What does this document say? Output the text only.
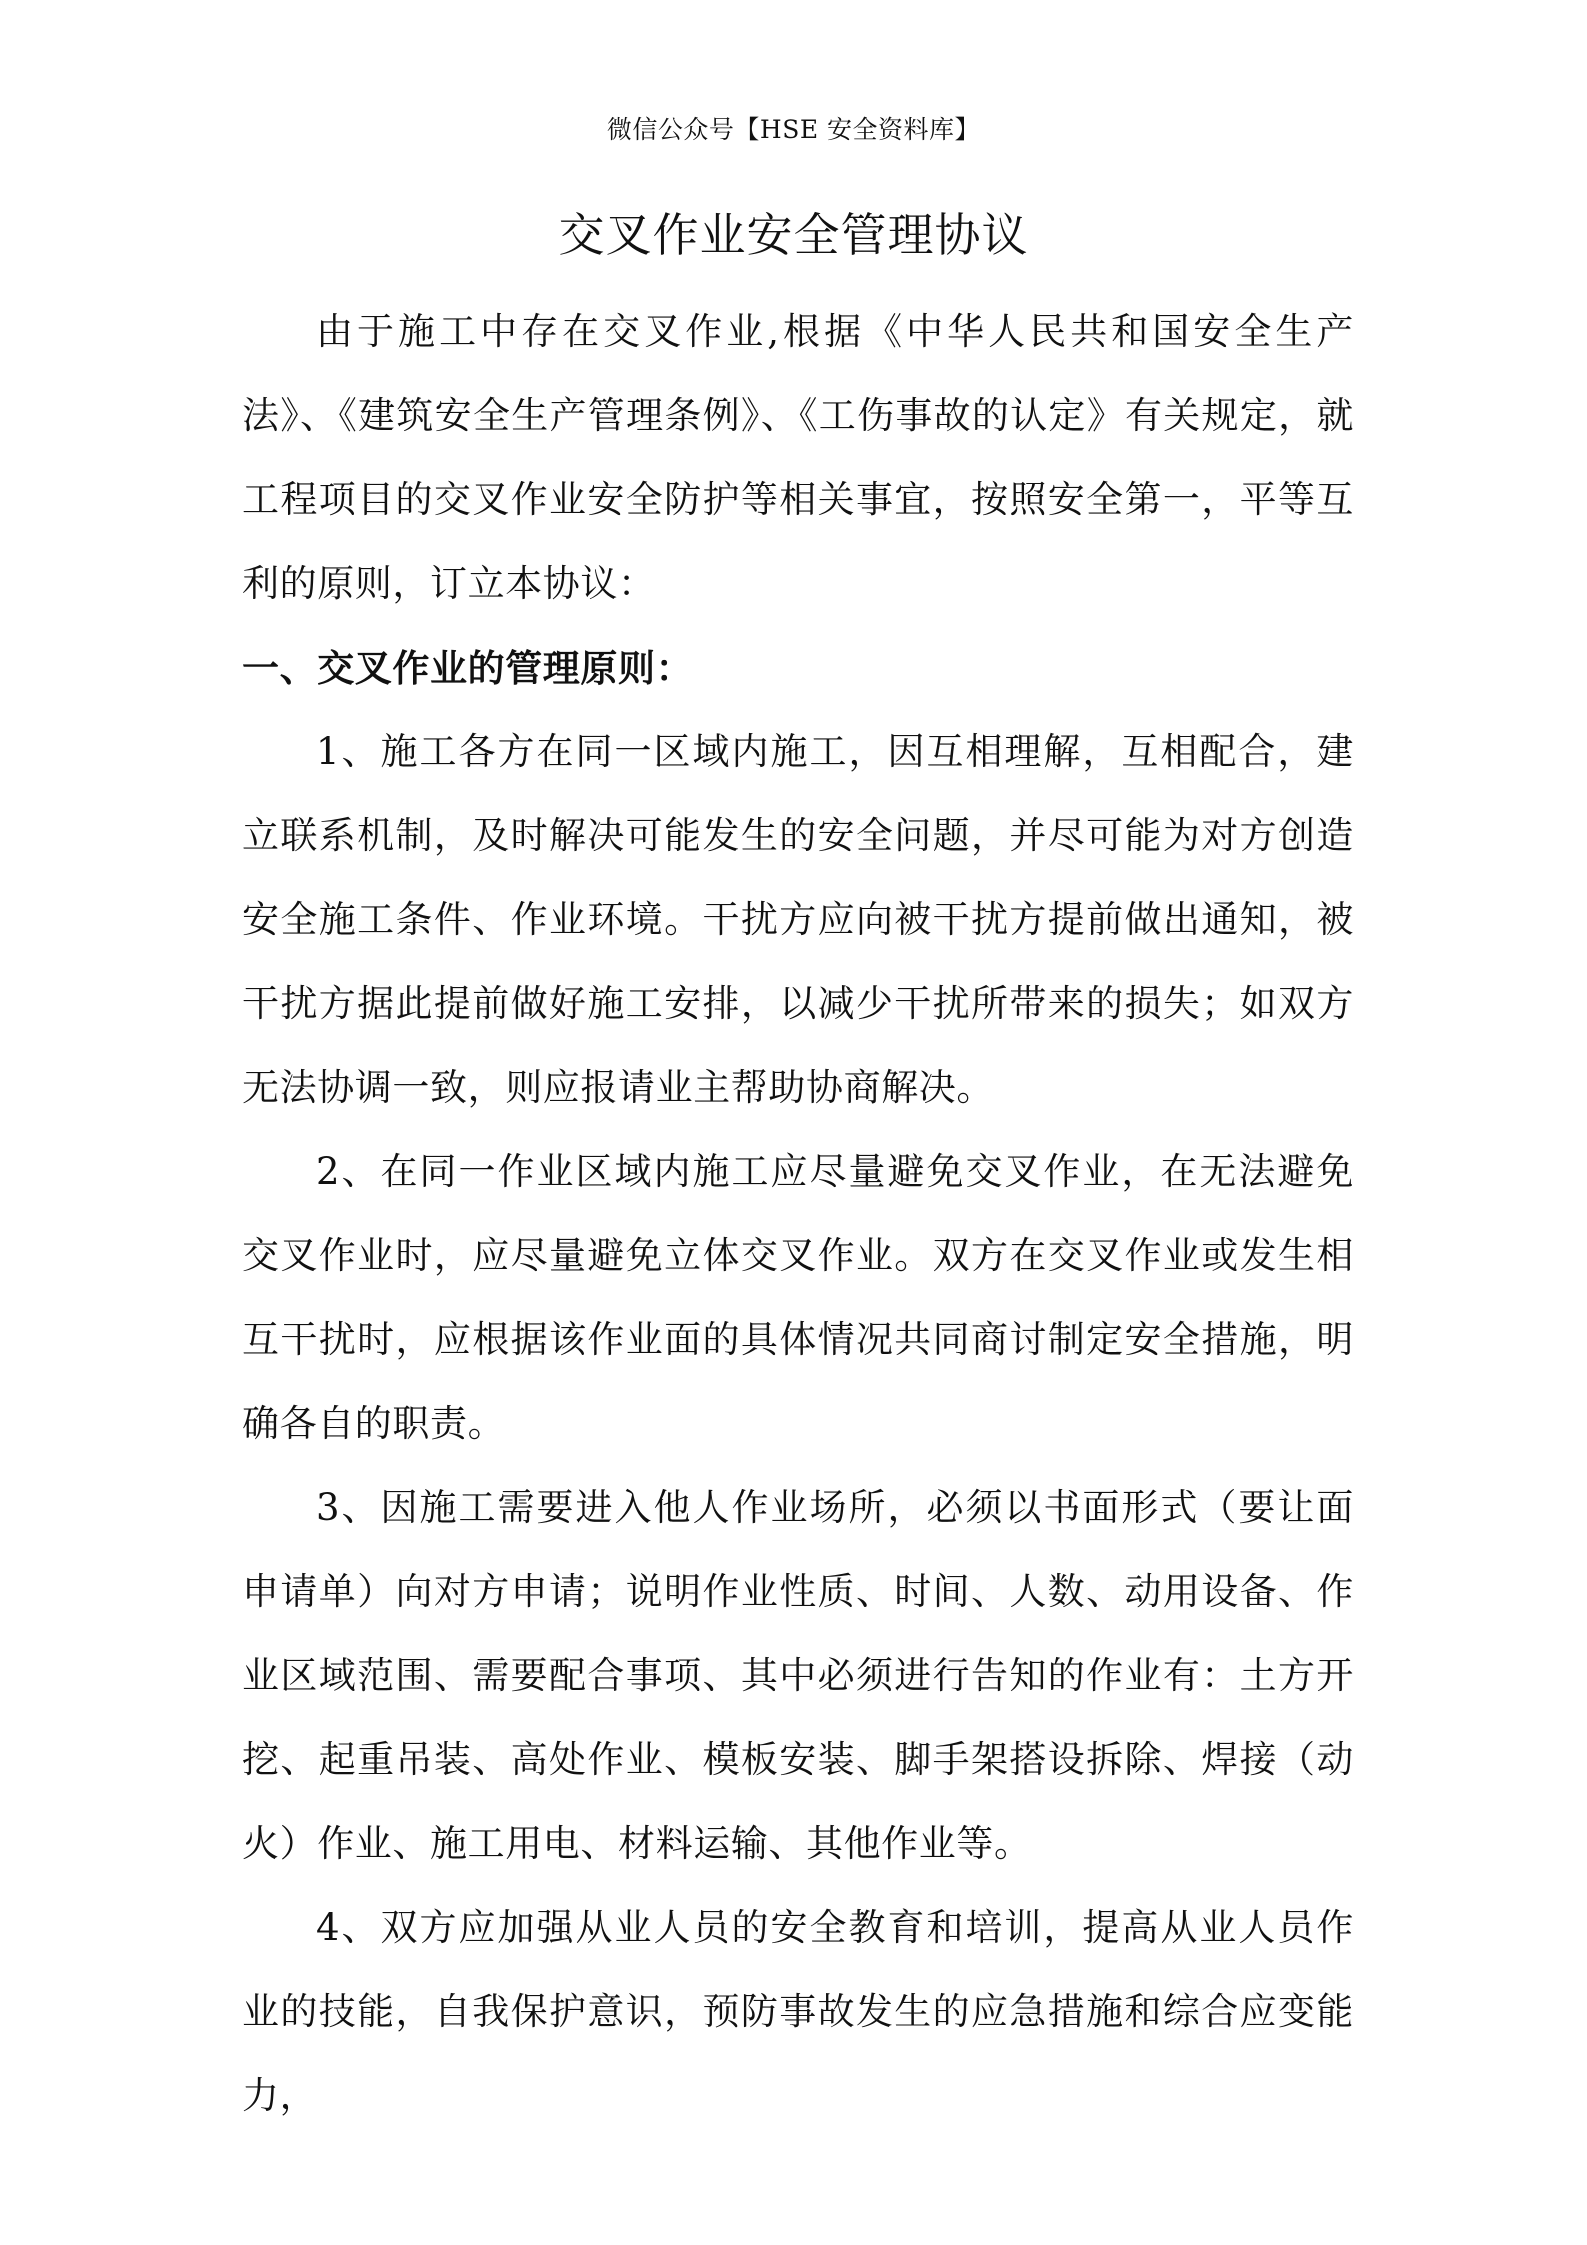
微信公众号【HSE 安全资料库】
交叉作业安全管理协议

由于施工中存在交叉作业,根据《中华人民共和国安全生产法》、《建筑安全生产管理条例》、《工伤事故的认定》有关规定，就工程项目的交叉作业安全防护等相关事宜，按照安全第一，平等互利的原则，订立本协议：

一、交叉作业的管理原则：

1、施工各方在同一区域内施工，因互相理解，互相配合，建立联系机制，及时解决可能发生的安全问题，并尽可能为对方创造安全施工条件、作业环境。干扰方应向被干扰方提前做出通知，被干扰方据此提前做好施工安排，以减少干扰所带来的损失；如双方无法协调一致，则应报请业主帮助协商解决。

2、在同一作业区域内施工应尽量避免交叉作业，在无法避免交叉作业时，应尽量避免立体交叉作业。双方在交叉作业或发生相互干扰时，应根据该作业面的具体情况共同商讨制定安全措施，明确各自的职责。

3、因施工需要进入他人作业场所，必须以书面形式（要让面申请单）向对方申请；说明作业性质、时间、人数、动用设备、作业区域范围、需要配合事项、其中必须进行告知的作业有：土方开挖、起重吊装、高处作业、模板安装、脚手架搭设拆除、焊接（动火）作业、施工用电、材料运输、其他作业等。

4、双方应加强从业人员的安全教育和培训，提高从业人员作业的技能，自我保护意识，预防事故发生的应急措施和综合应变能力，
